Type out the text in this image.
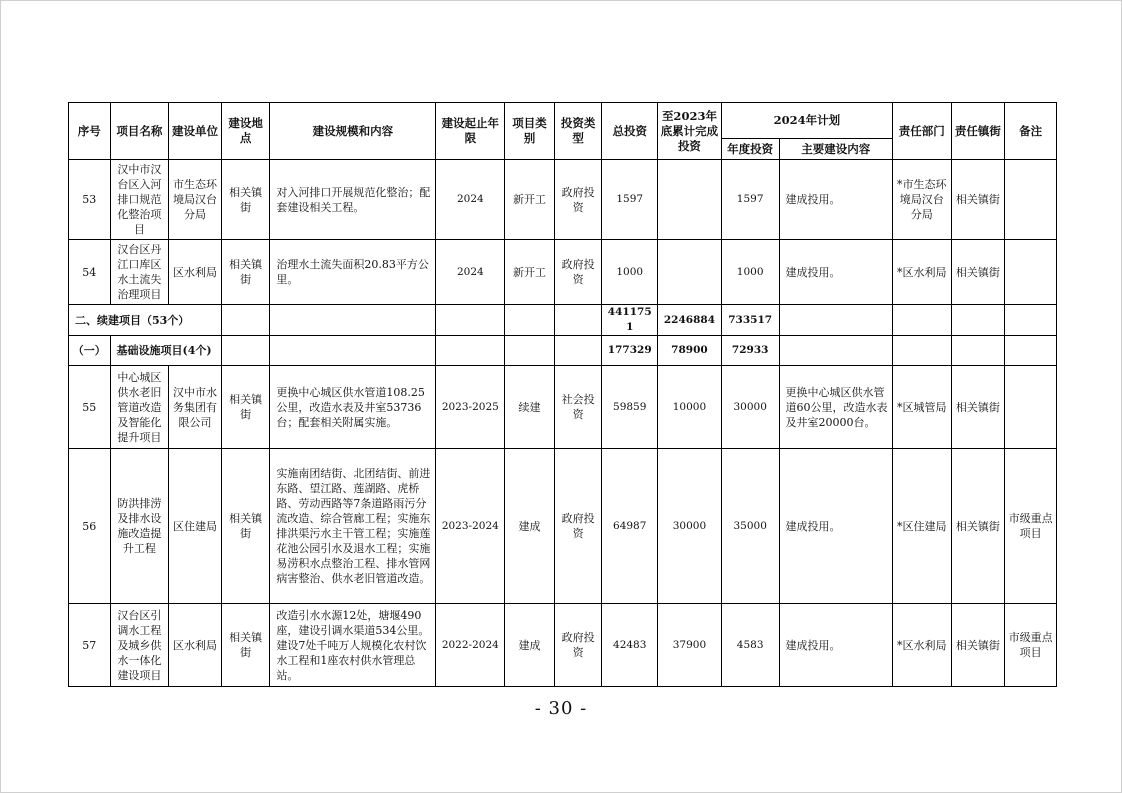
序号	项目名称	建设单位	建设地点	建设规模和内容	建设起止年限	项目类别	投资类型	总投资	至2023年底累计完成投资	2024年计划		责任部门	责任镇街	备注
										年度投资	主要建设内容			
53	汉中市汉台区入河排口规范化整治项目	市生态环境局汉台分局	相关镇街	对入河排口开展规范化整治；配套建设相关工程。	2024	新开工	政府投资	1597		1597	建成投用。	*市生态环境局汉台分局	相关镇街	
54	汉台区丹江口库区水土流失治理项目	区水利局	相关镇街	治理水土流失面积20.83平方公里。	2024	新开工	政府投资	1000		1000	建成投用。	*区水利局	相关镇街	
二、续建项目（53个）								4411751	2246884	733517				
（一）	基础设施项目(4个)							177329	78900	72933				
55	中心城区供水老旧管道改造及智能化提升项目	汉中市水务集团有限公司	相关镇街	更换中心城区供水管道108.25公里，改造水表及井室53736台；配套相关附属实施。	2023-2025	续建	社会投资	59859	10000	30000	更换中心城区供水管道60公里，改造水表及井室20000台。	*区城管局	相关镇街	
56	防洪排涝及排水设施改造提升工程	区住建局	相关镇街	实施南团结街、北团结街、前进东路、望江路、莲湖路、虎桥路、劳动西路等7条道路雨污分流改造、综合管廊工程；实施东排洪渠污水主干管工程；实施莲花池公园引水及退水工程；实施易涝积水点整治工程、排水管网病害整治、供水老旧管道改造。	2023-2024	建成	政府投资	64987	30000	35000	建成投用。	*区住建局	相关镇街	市级重点项目
57	汉台区引调水工程及城乡供水一体化建设项目	区水利局	相关镇街	改造引水水源12处，塘堰490座，建设引调水渠道534公里。建设7处千吨万人规模化农村饮水工程和1座农村供水管理总站。	2022-2024	建成	政府投资	42483	37900	4583	建成投用。	*区水利局	相关镇街	市级重点项目
- 30 -
